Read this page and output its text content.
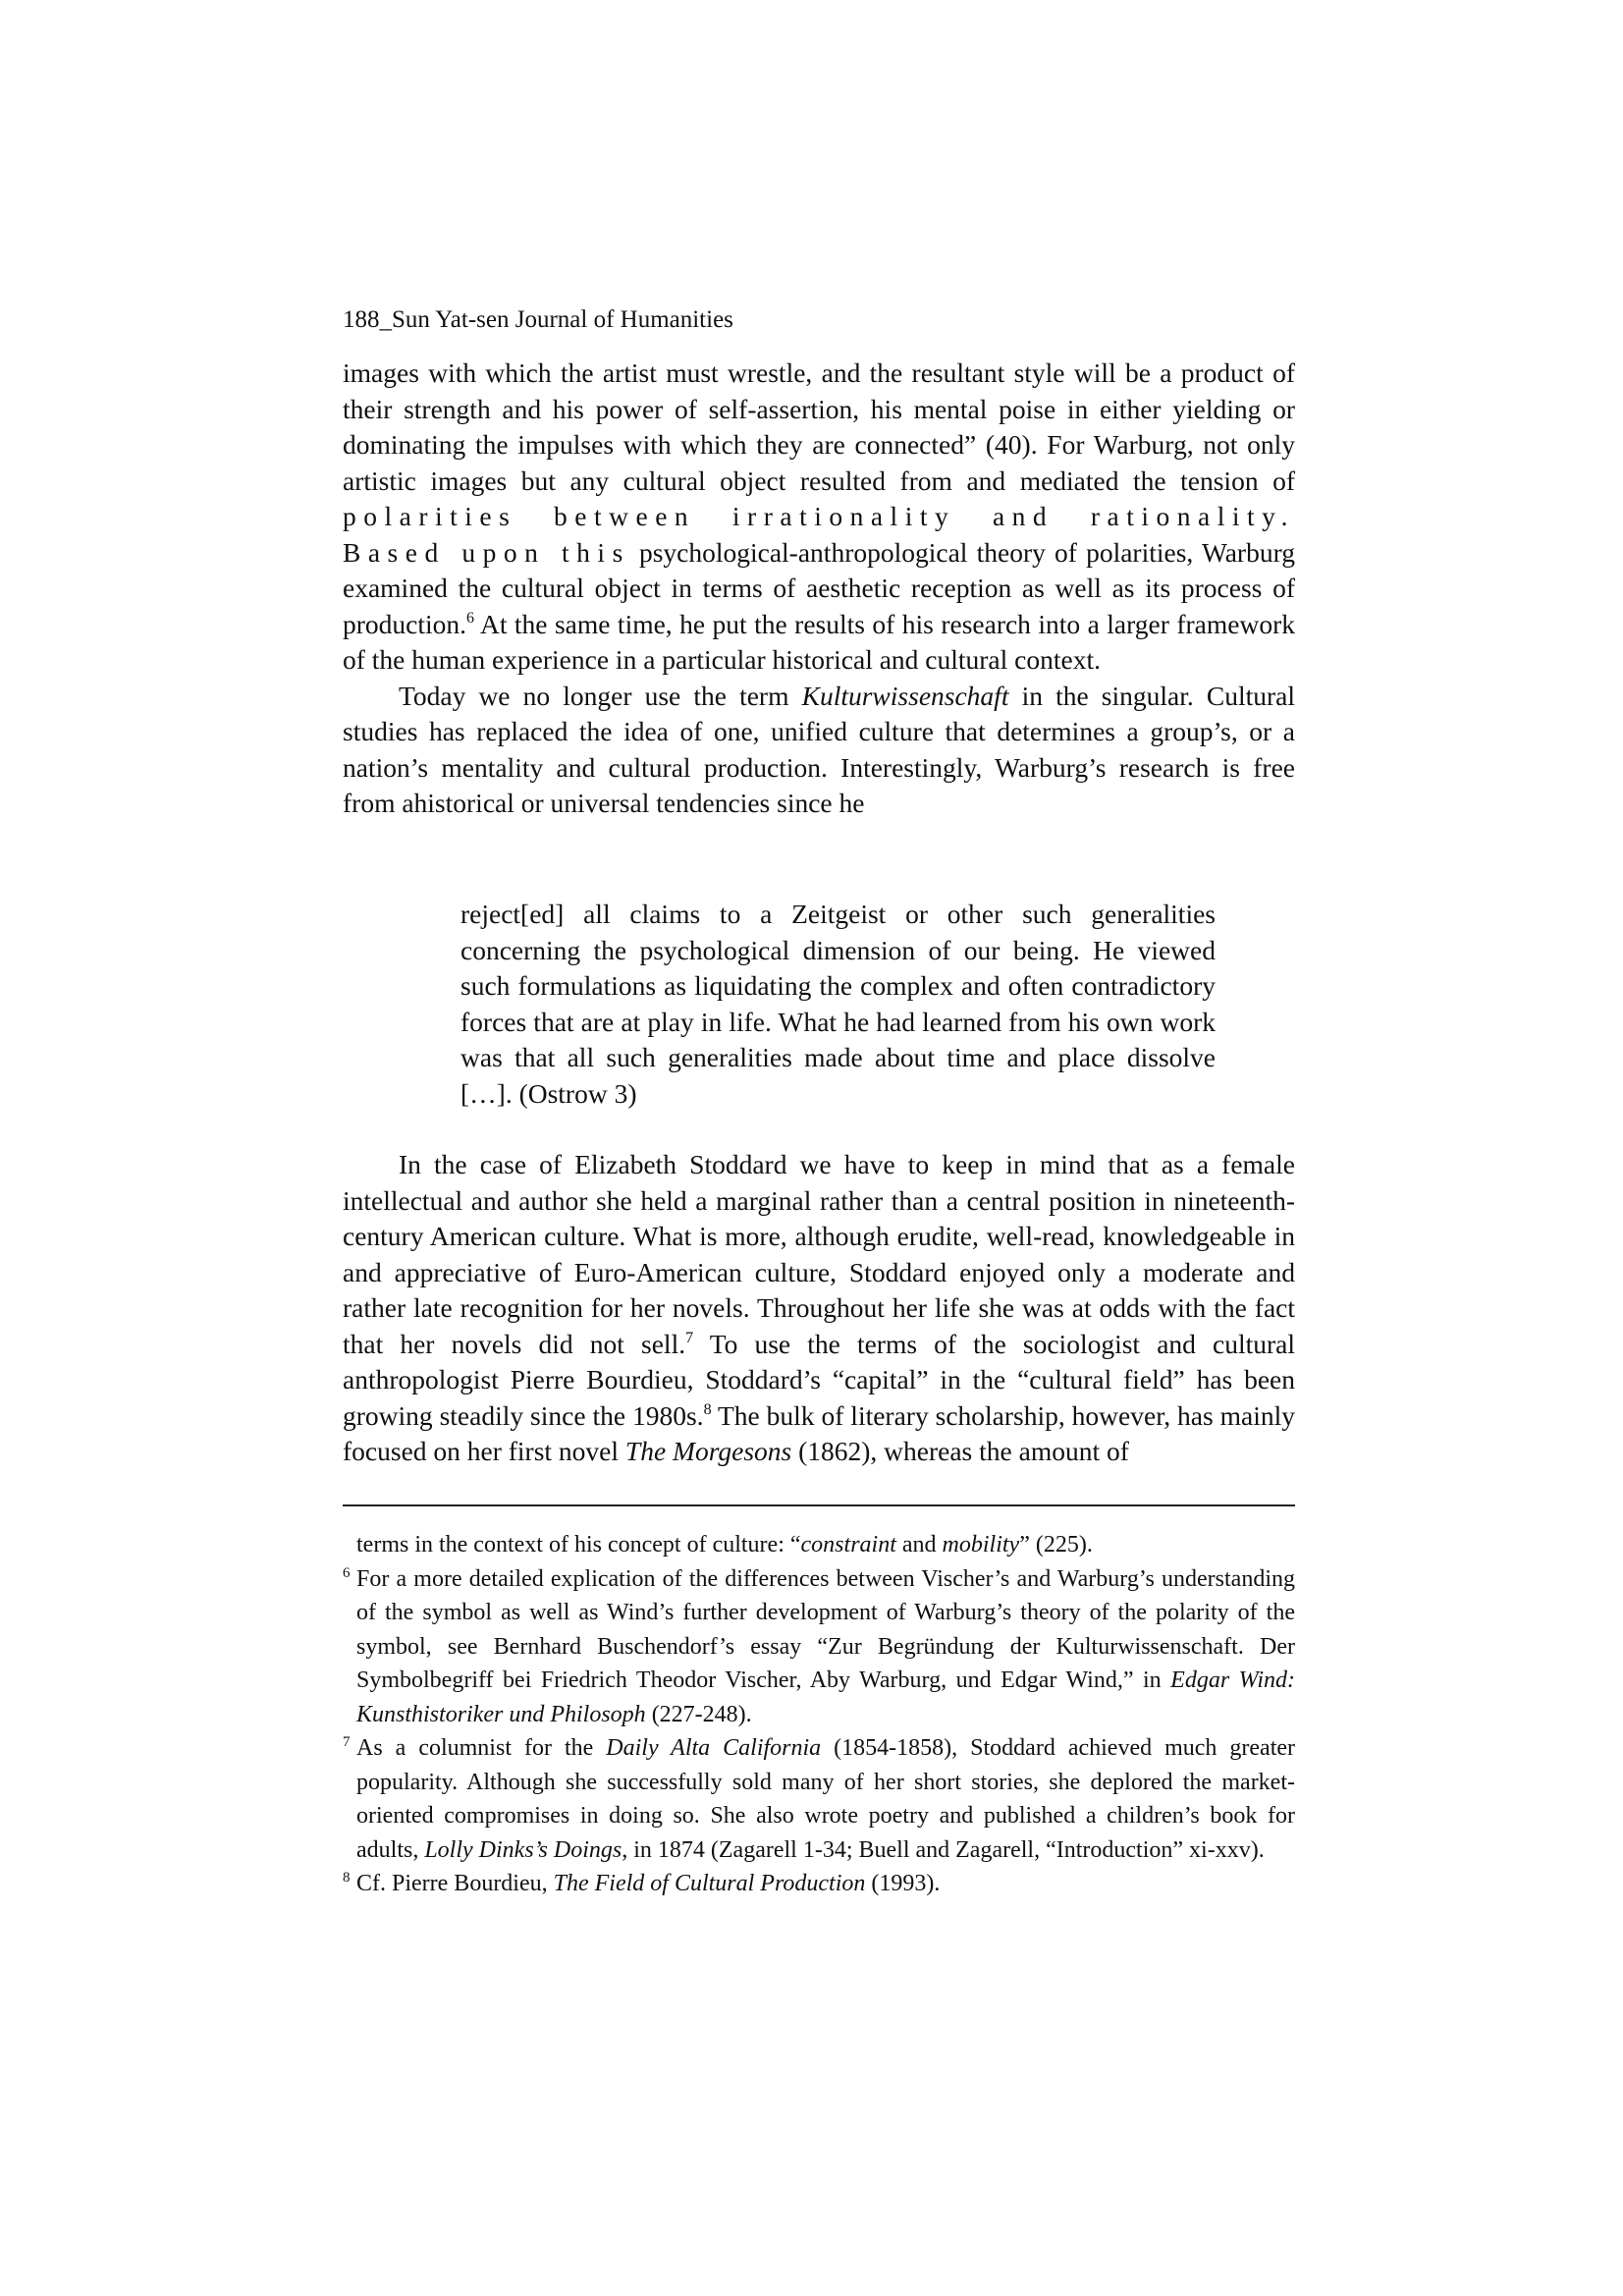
188_Sun Yat-sen Journal of Humanities

images with which the artist must wrestle, and the resultant style will be a product of their strength and his power of self-assertion, his mental poise in either yielding or dominating the impulses with which they are connected” (40). For Warburg, not only artistic images but any cultural object resulted from and mediated the tension of polarities between irrationality and rationality. Based upon this psychological-anthropological theory of polarities, Warburg examined the cultural object in terms of aesthetic reception as well as its process of production.$^6$ At the same time, he put the results of his research into a larger framework of the human experience in a particular historical and cultural context.

Today we no longer use the term Kulturwissenschaft in the singular. Cultural studies has replaced the idea of one, unified culture that determines a group’s, or a nation’s mentality and cultural production. Interestingly, Warburg’s research is free from ahistorical or universal tendencies since he

reject[ed] all claims to a Zeitgeist or other such generalities concerning the psychological dimension of our being. He viewed such formulations as liquidating the complex and often contradictory forces that are at play in life. What he had learned from his own work was that all such generalities made about time and place dissolve […]. (Ostrow 3)
In the case of Elizabeth Stoddard we have to keep in mind that as a female intellectual and author she held a marginal rather than a central position in nineteenth-century American culture. What is more, although erudite, well-read, knowledgeable in and appreciative of Euro-American culture, Stoddard enjoyed only a moderate and rather late recognition for her novels. Throughout her life she was at odds with the fact that her novels did not sell.$^7$ To use the terms of the sociologist and cultural anthropologist Pierre Bourdieu, Stoddard’s “capital” in the “cultural field” has been growing steadily since the 1980s.$^8$ The bulk of literary scholarship, however, has mainly focused on her first novel The Morgesons (1862), whereas the amount of
terms in the context of his concept of culture: “constraint and mobility” (225).
6 For a more detailed explication of the differences between Vischer’s and Warburg’s understanding of the symbol as well as Wind’s further development of Warburg’s theory of the polarity of the symbol, see Bernhard Buschendorf’s essay “Zur Begründung der Kulturwissenschaft. Der Symbolbegriff bei Friedrich Theodor Vischer, Aby Warburg, und Edgar Wind,” in Edgar Wind: Kunsthistoriker und Philosoph (227-248).
7 As a columnist for the Daily Alta California (1854-1858), Stoddard achieved much greater popularity. Although she successfully sold many of her short stories, she deplored the market-oriented compromises in doing so. She also wrote poetry and published a children’s book for adults, Lolly Dinks’s Doings, in 1874 (Zagarell 1-34; Buell and Zagarell, “Introduction” xi-xxv).
8 Cf. Pierre Bourdieu, The Field of Cultural Production (1993).
